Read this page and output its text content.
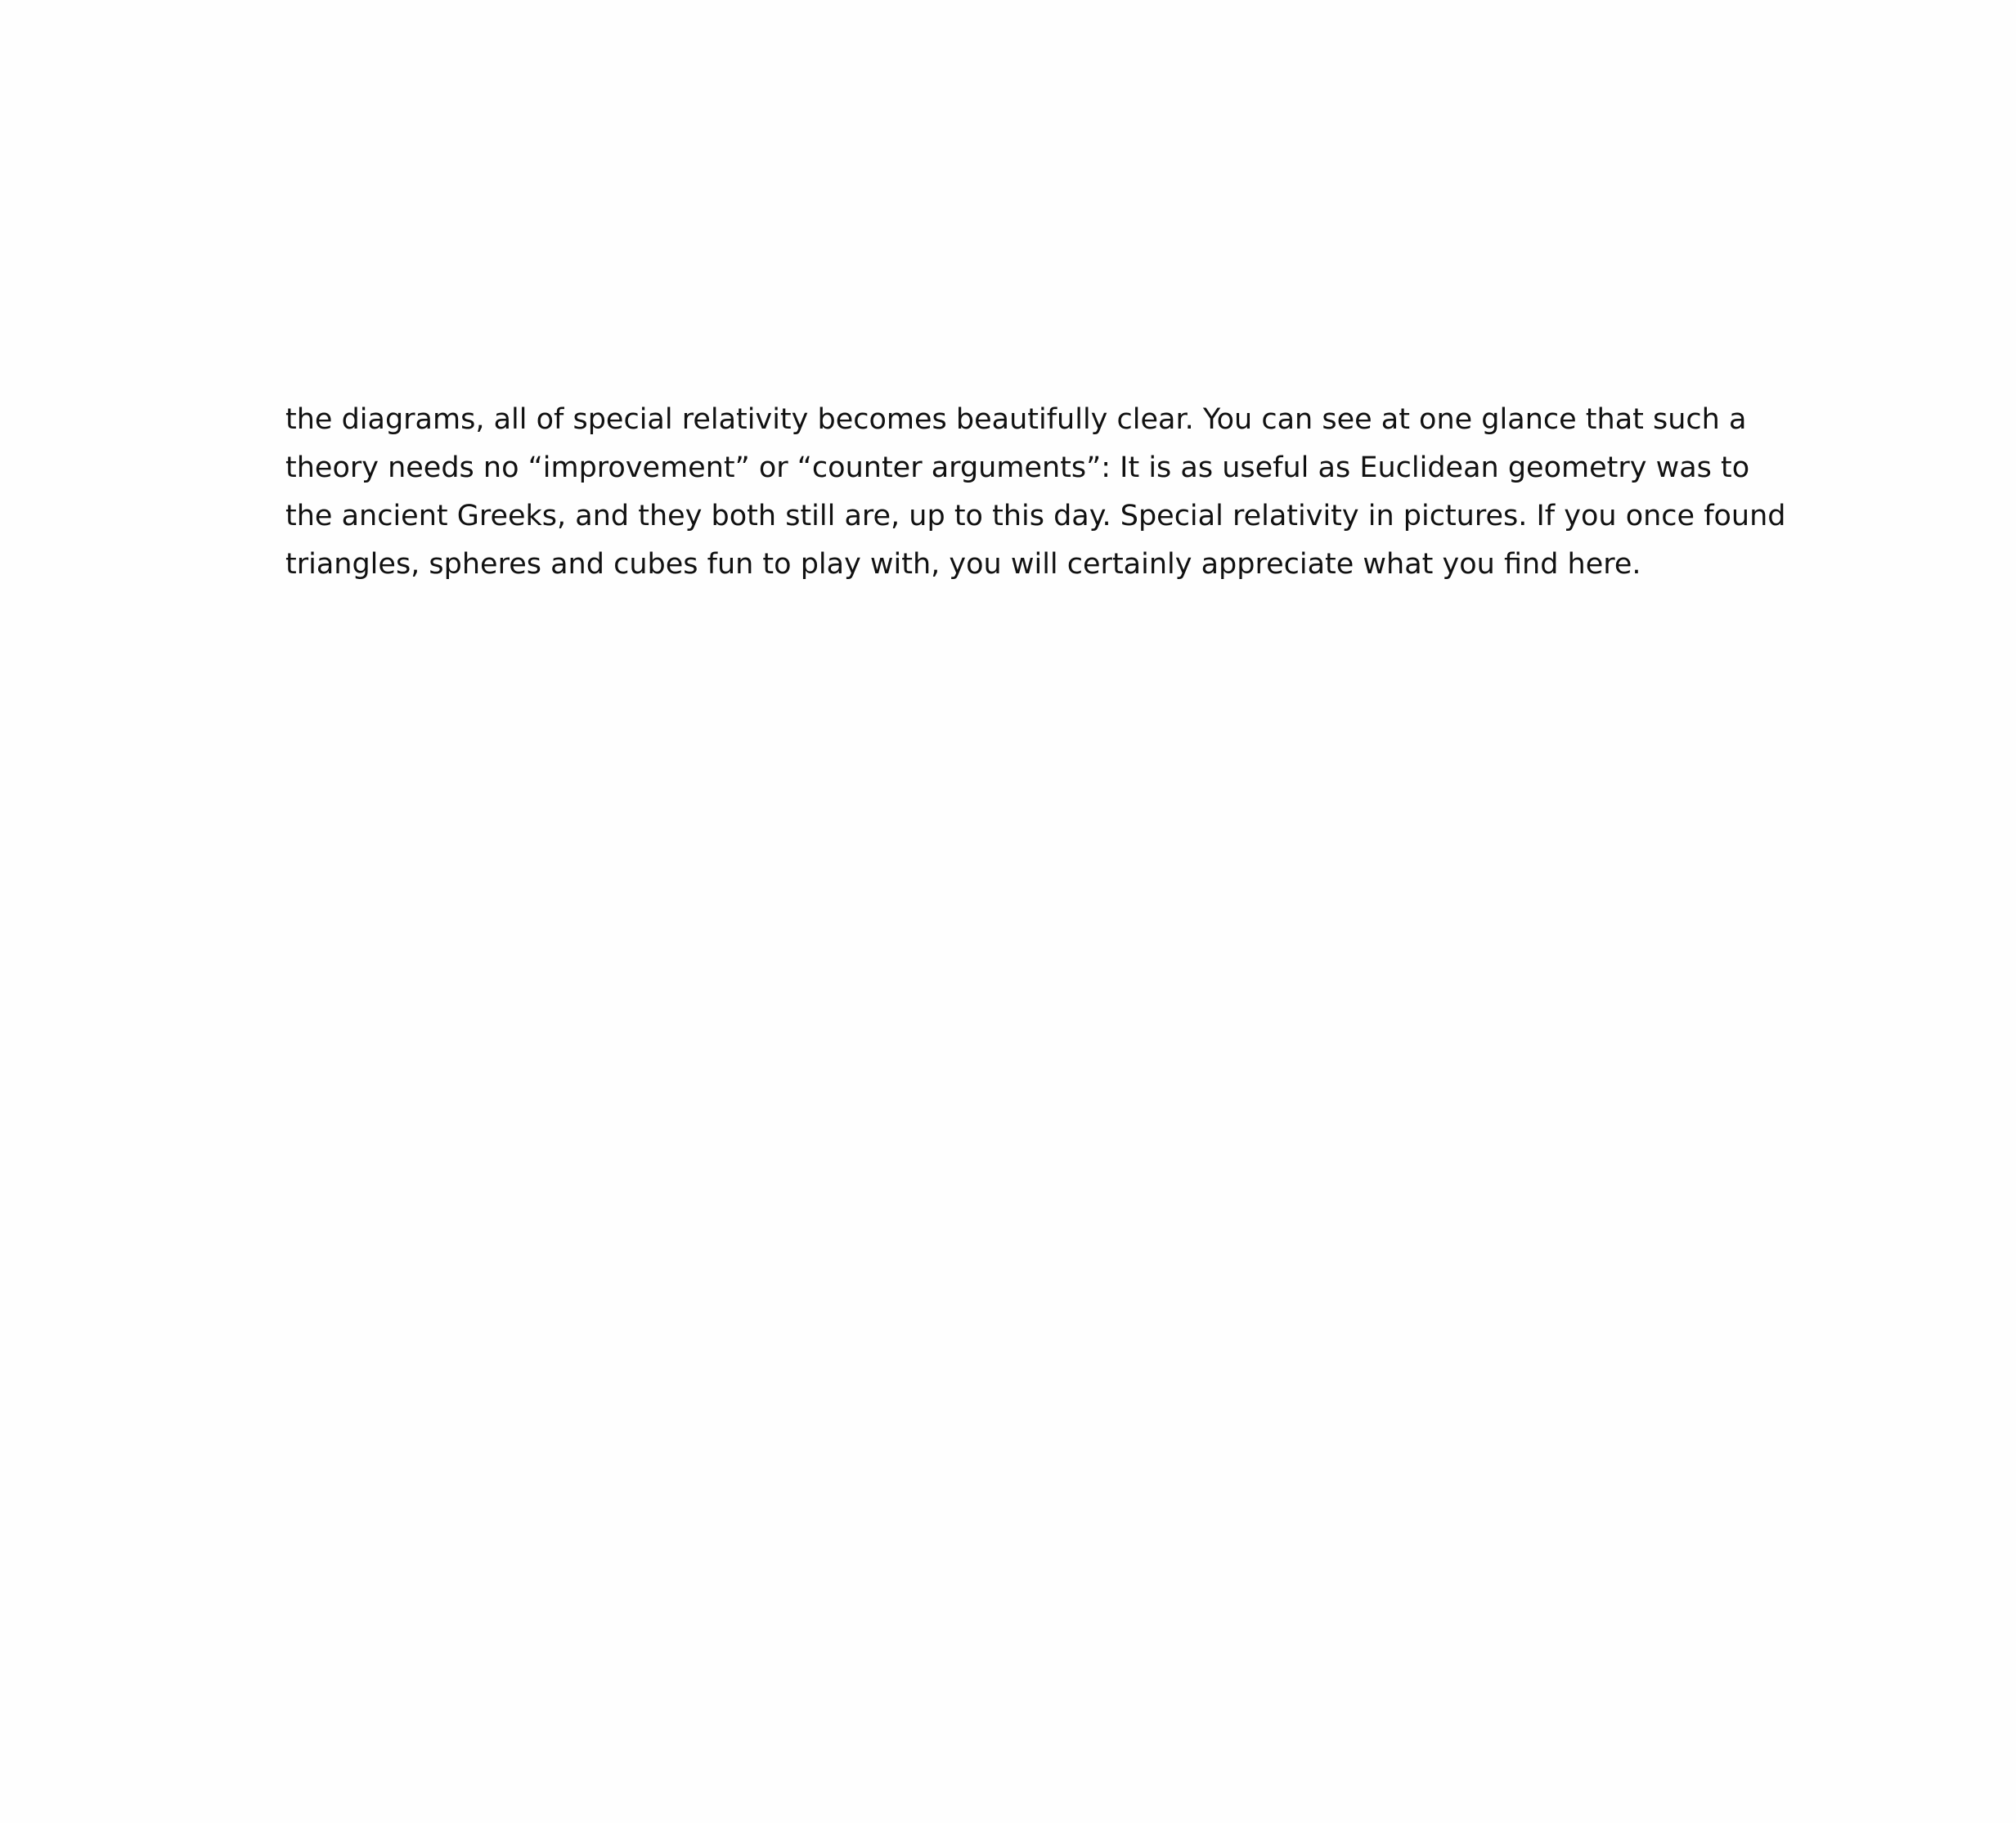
the diagrams, all of special relativity becomes beautifully clear. You can see at one glance that such a
theory needs no “improvement” or “counter arguments”: It is as useful as Euclidean geometry was to
the ancient Greeks, and they both still are, up to this day. Special relativity in pictures. If you once found
triangles, spheres and cubes fun to play with, you will certainly appreciate what you find here.
